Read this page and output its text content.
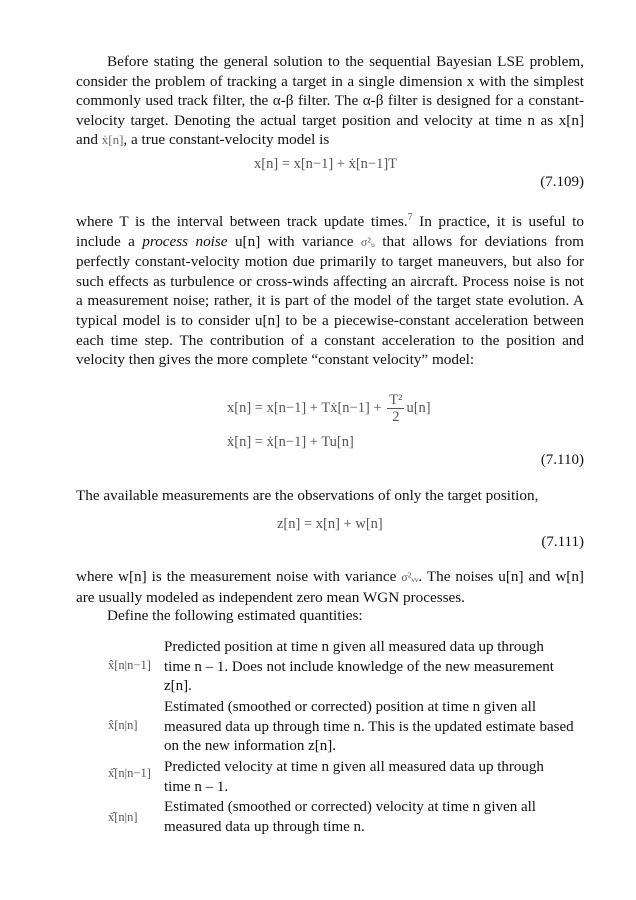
Before stating the general solution to the sequential Bayesian LSE problem, consider the problem of tracking a target in a single dimension x with the simplest commonly used track filter, the α-β filter. The α-β filter is designed for a constant-velocity target. Denoting the actual target position and velocity at time n as x[n] and ẋ[n], a true constant-velocity model is

x[n] = x[n−1] + ẋ[n−1]T
(7.109)

where T is the interval between track update times.$^7$ In practice, it is useful to include a process noise u[n] with variance σ²ᵤ that allows for deviations from perfectly constant-velocity motion due primarily to target maneuvers, but also for such effects as turbulence or cross-winds affecting an aircraft. Process noise is not a measurement noise; rather, it is part of the model of the target state evolution. A typical model is to consider u[n] to be a piecewise-constant acceleration between each time step. The contribution of a constant acceleration to the position and velocity then gives the more complete “constant velocity” model:

x[n] = x[n−1] + Tẋ[n−1] + $\frac{\text{T²}}{2} u[n]$
ẋ[n] = ẋ[n−1] + Tu[n]
(7.110)

The available measurements are the observations of only the target position,

z[n] = x[n] + w[n]
(7.111)

where w[n] is the measurement noise with variance σ²ᵥᵥ. The noises u[n] and w[n] are usually modeled as independent zero mean WGN processes.

Define the following estimated quantities:

x̂[n|n−1]
Predicted position at time n given all measured data up through time n – 1. Does not include knowledge of the new measurement z[n].
x̂[n|n]
Estimated (smoothed or corrected) position at time n given all measured data up through time n. This is the updated estimate based on the new information z[n].
ẋ̂[n|n−1] Predicted velocity at time n given all measured data up through time n – 1.
ẋ̂[n|n]
Estimated (smoothed or corrected) velocity at time n given all measured data up through time n.
